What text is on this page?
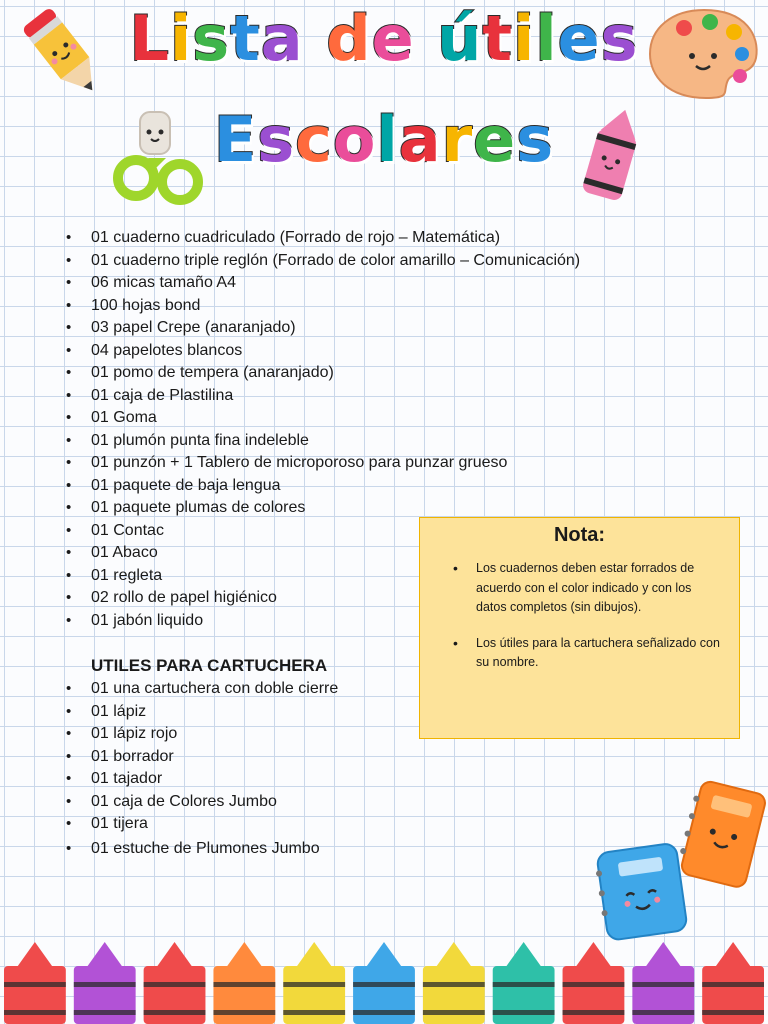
Lista de útiles
Escolares
• 01 cuaderno cuadriculado (Forrado de rojo – Matemática)
• 01 cuaderno triple reglón (Forrado de color amarillo – Comunicación)
• 06 micas tamaño A4
• 100 hojas bond
• 03 papel Crepe (anaranjado)
• 04 papelotes blancos
• 01 pomo de tempera (anaranjado)
• 01 caja de Plastilina
• 01 Goma
• 01 plumón punta fina indeleble
• 01 punzón + 1 Tablero de microporoso para punzar grueso
• 01 paquete de baja lengua
• 01 paquete plumas de colores
• 01 Contac
• 01 Abaco
• 01 regleta
• 02 rollo de papel higiénico
• 01 jabón liquido
UTILES PARA CARTUCHERA
• 01 una cartuchera con doble cierre
• 01 lápiz
• 01 lápiz rojo
• 01 borrador
• 01 tajador
• 01 caja de Colores Jumbo
• 01 tijera
• 01 estuche de Plumones Jumbo
Nota:
• Los cuadernos deben estar forrados de acuerdo con el color indicado y con los datos completos (sin dibujos).
• Los útiles para la cartuchera señalizado con su nombre.
